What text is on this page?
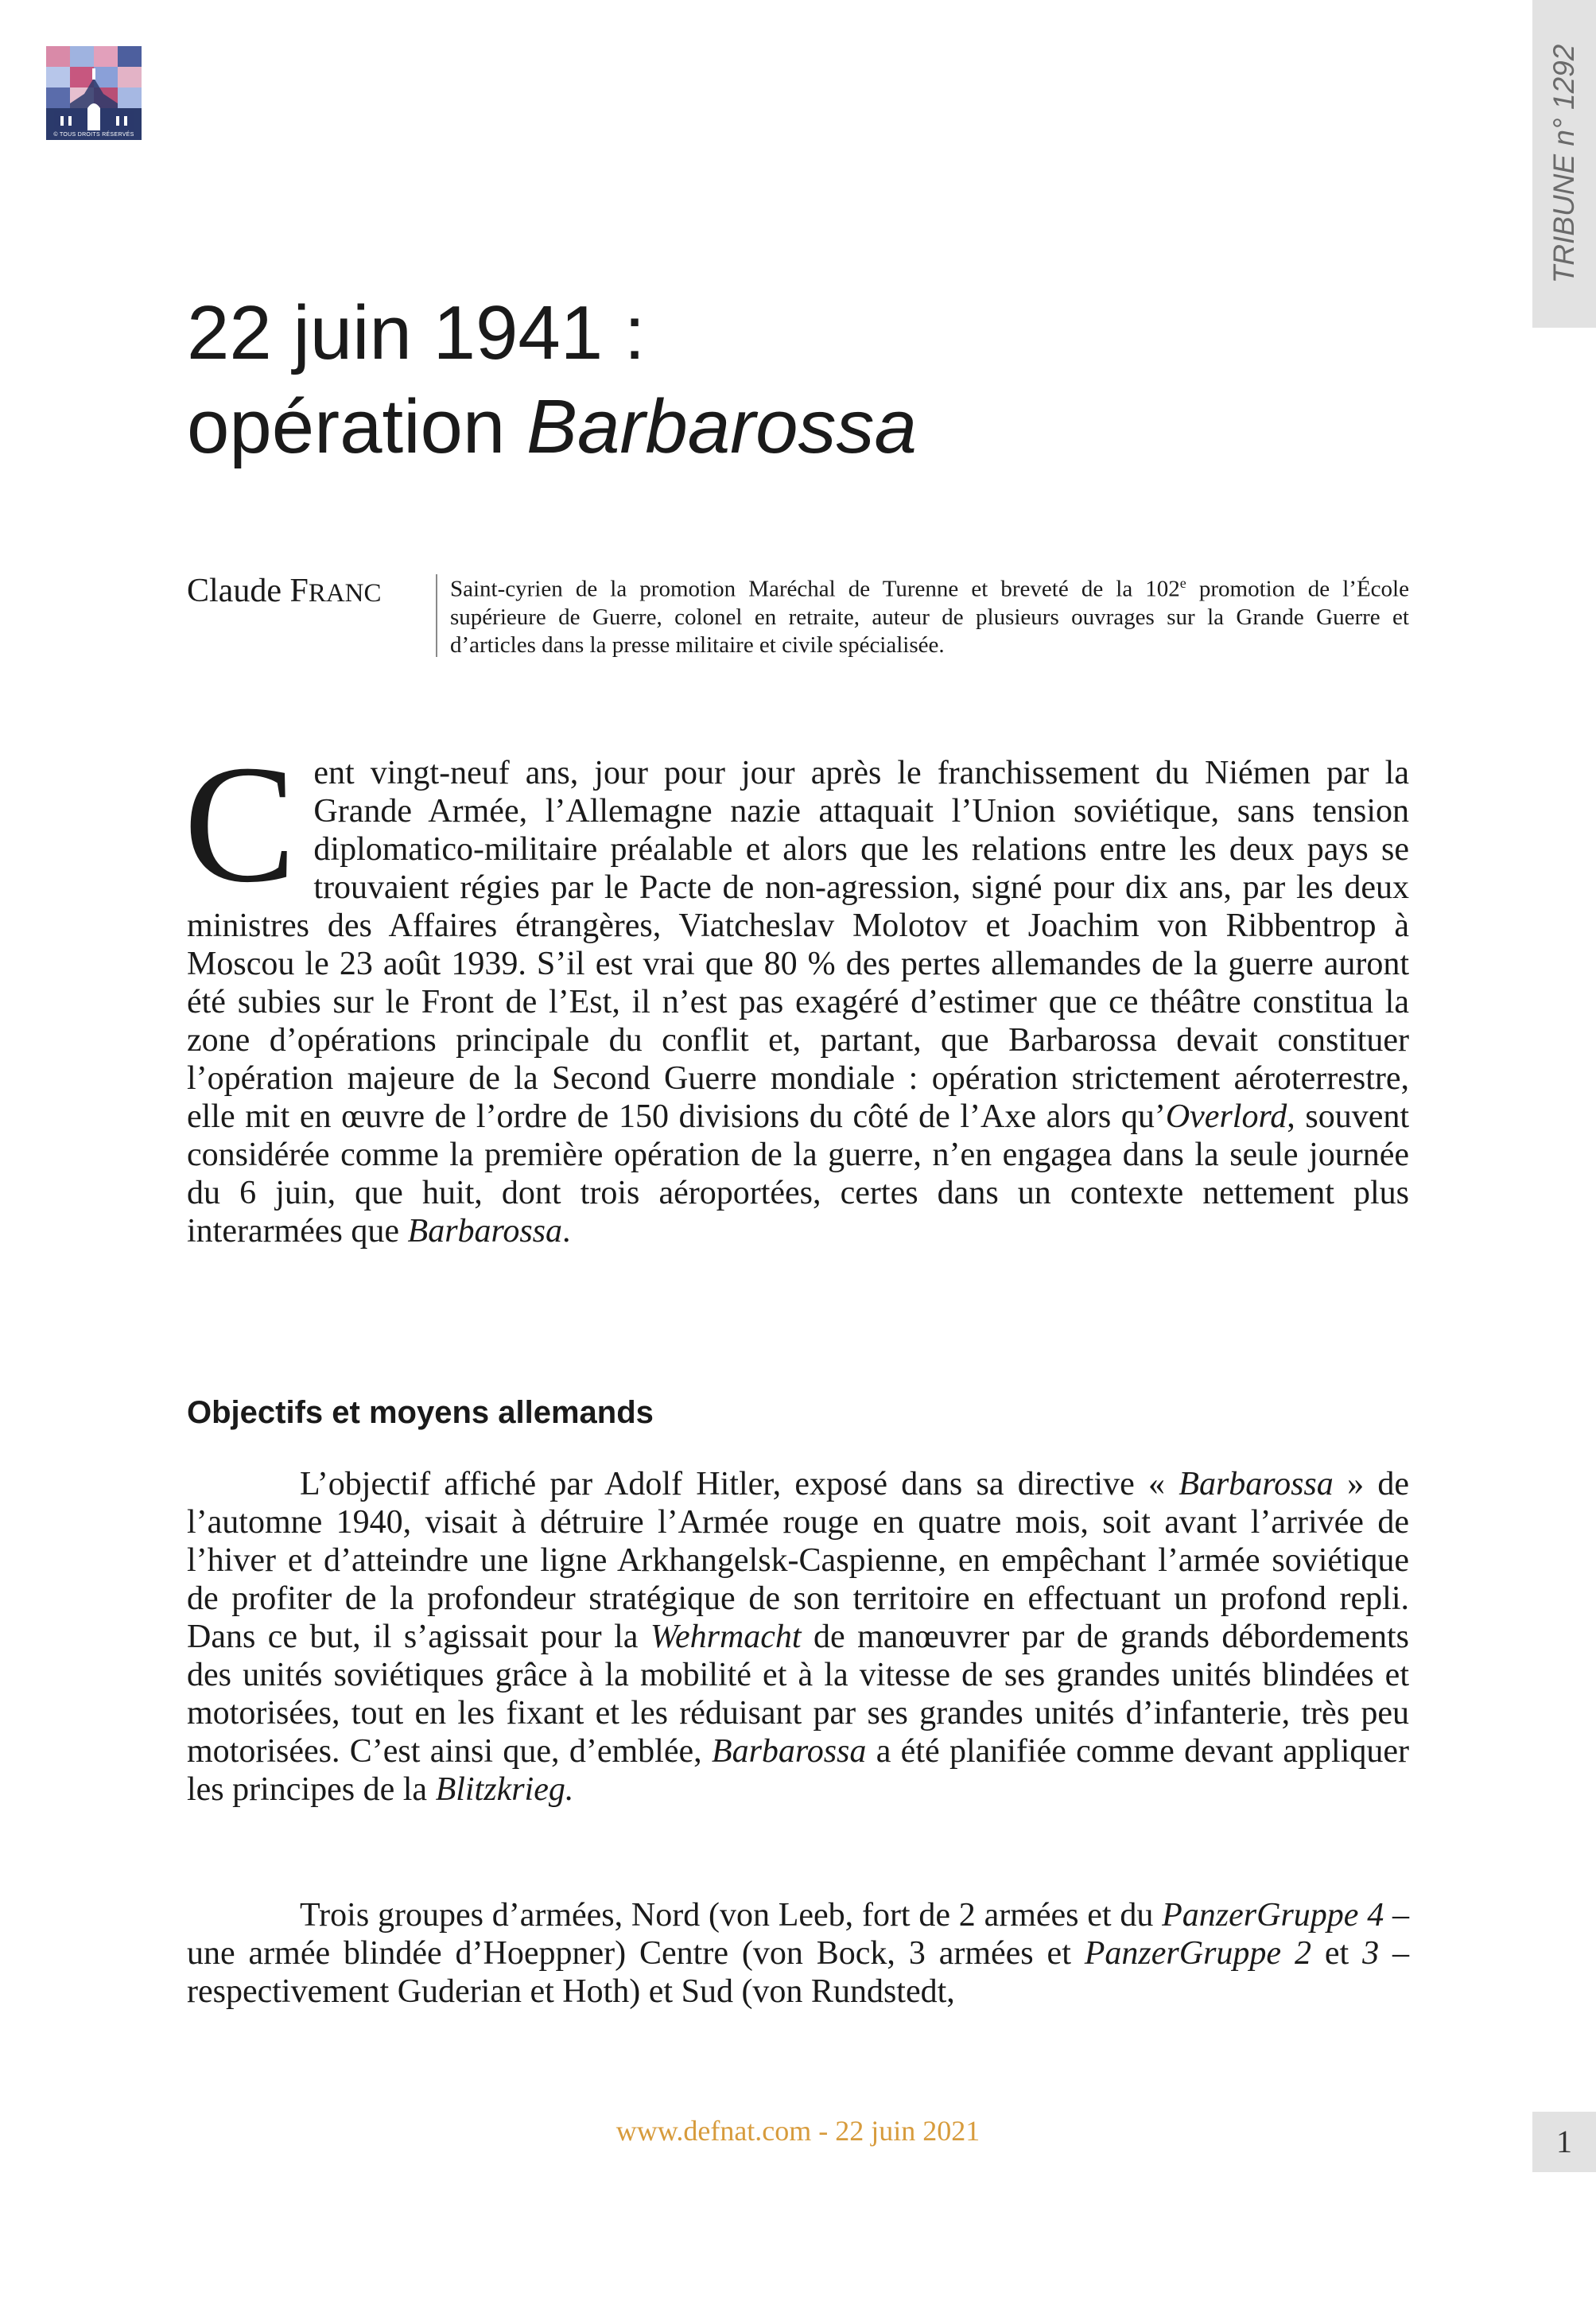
© TOUS DROITS RÉSERVÉS	TRIBUNE n° 1292
22 juin 1941 :
opération Barbarossa
Claude FRANC	Saint-cyrien de la promotion Maréchal de Turenne et breveté de la 102e promotion de l’École supérieure de Guerre, colonel en retraite, auteur de plusieurs ouvrages sur la Grande Guerre et d’articles dans la presse militaire et civile spécialisée.

Cent vingt-neuf ans, jour pour jour après le franchissement du Niémen par la Grande Armée, l’Allemagne nazie attaquait l’Union soviétique, sans tension diplomatico-militaire préalable et alors que les relations entre les deux pays se trouvaient régies par le Pacte de non-agression, signé pour dix ans, par les deux ministres des Affaires étrangères, Viatcheslav Molotov et Joachim von Ribbentrop à Moscou le 23 août 1939. S’il est vrai que 80 % des pertes allemandes de la guerre auront été subies sur le Front de l’Est, il n’est pas exagéré d’estimer que ce théâtre constitua la zone d’opérations principale du conflit et, partant, que Barbarossa devait constituer l’opération majeure de la Second Guerre mondiale : opération strictement aéroterrestre, elle mit en œuvre de l’ordre de 150 divisions du côté de l’Axe alors qu’Overlord, souvent considérée comme la première opération de la guerre, n’en engagea dans la seule journée du 6 juin, que huit, dont trois aéroportées, certes dans un contexte nettement plus interarmées que Barbarossa.

Objectifs et moyens allemands

L’objectif affiché par Adolf Hitler, exposé dans sa directive « Barbarossa » de l’automne 1940, visait à détruire l’Armée rouge en quatre mois, soit avant l’arrivée de l’hiver et d’atteindre une ligne Arkhangelsk-Caspienne, en empêchant l’armée soviétique de profiter de la profondeur stratégique de son territoire en effectuant un profond repli. Dans ce but, il s’agissait pour la Wehrmacht de manœuvrer par de grands débordements des unités soviétiques grâce à la mobilité et à la vitesse de ses grandes unités blindées et motorisées, tout en les fixant et les réduisant par ses grandes unités d’infanterie, très peu motorisées. C’est ainsi que, d’emblée, Barbarossa a été planifiée comme devant appliquer les principes de la Blitzkrieg.

Trois groupes d’armées, Nord (von Leeb, fort de 2 armées et du PanzerGruppe 4 – une armée blindée d’Hoeppner) Centre (von Bock, 3 armées et PanzerGruppe 2 et 3 – respectivement Guderian et Hoth) et Sud (von Rundstedt,

www.defnat.com - 22 juin 2021	1
